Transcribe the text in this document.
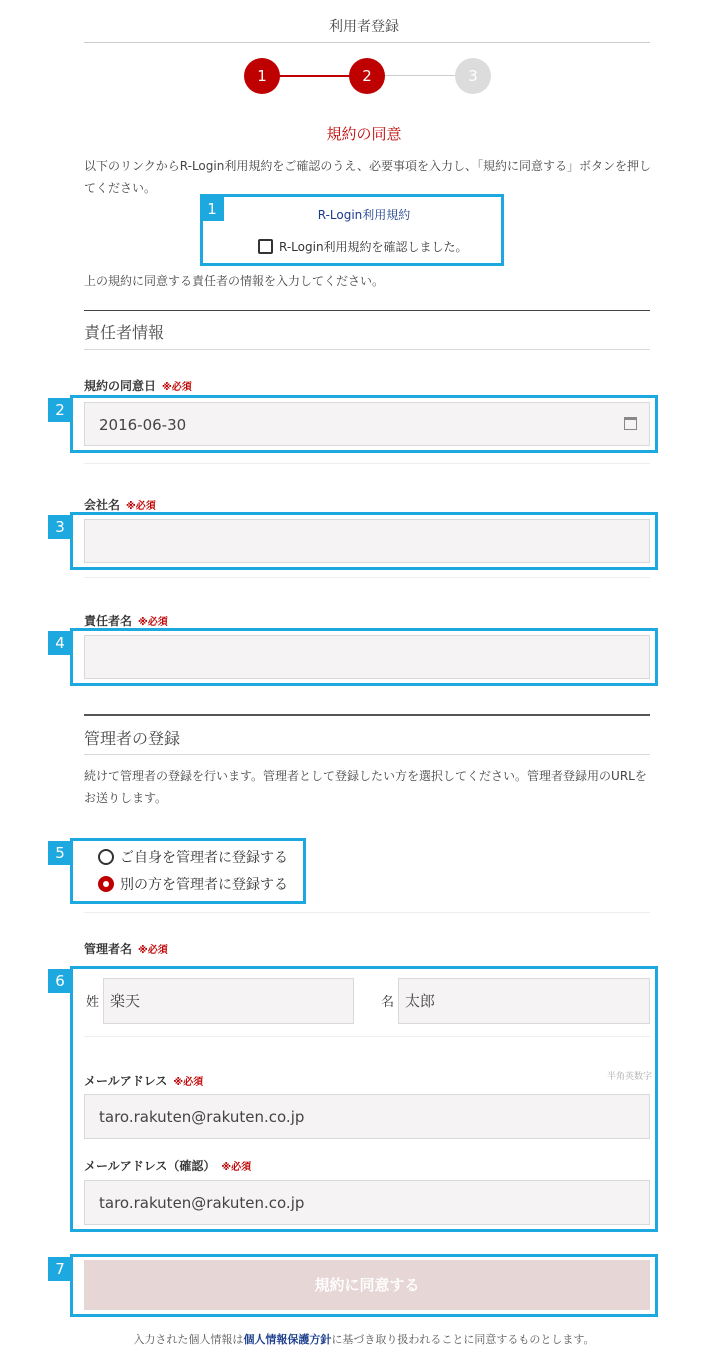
利用者登録
1	2	3
規約の同意
以下のリンクからR-Login利用規約をご確認のうえ、必要事項を入力し、「規約に同意する」ボタンを押してください。
R-Login利用規約
R-Login利用規約を確認しました。
上の規約に同意する責任者の情報を入力してください。
責任者情報
規約の同意日 ※必須
2016-06-30
会社名 ※必須
責任者名 ※必須
管理者の登録
続けて管理者の登録を行います。管理者として登録したい方を選択してください。管理者登録用のURLをお送りします。
ご自身を管理者に登録する
別の方を管理者に登録する
管理者名 ※必須
姓 楽天	名 太郎
メールアドレス ※必須	半角英数字
taro.rakuten@rakuten.co.jp
メールアドレス（確認） ※必須
taro.rakuten@rakuten.co.jp
規約に同意する
入力された個人情報は個人情報保護方針に基づき取り扱われることに同意するものとします。
1
2
3
4
5
6
7
